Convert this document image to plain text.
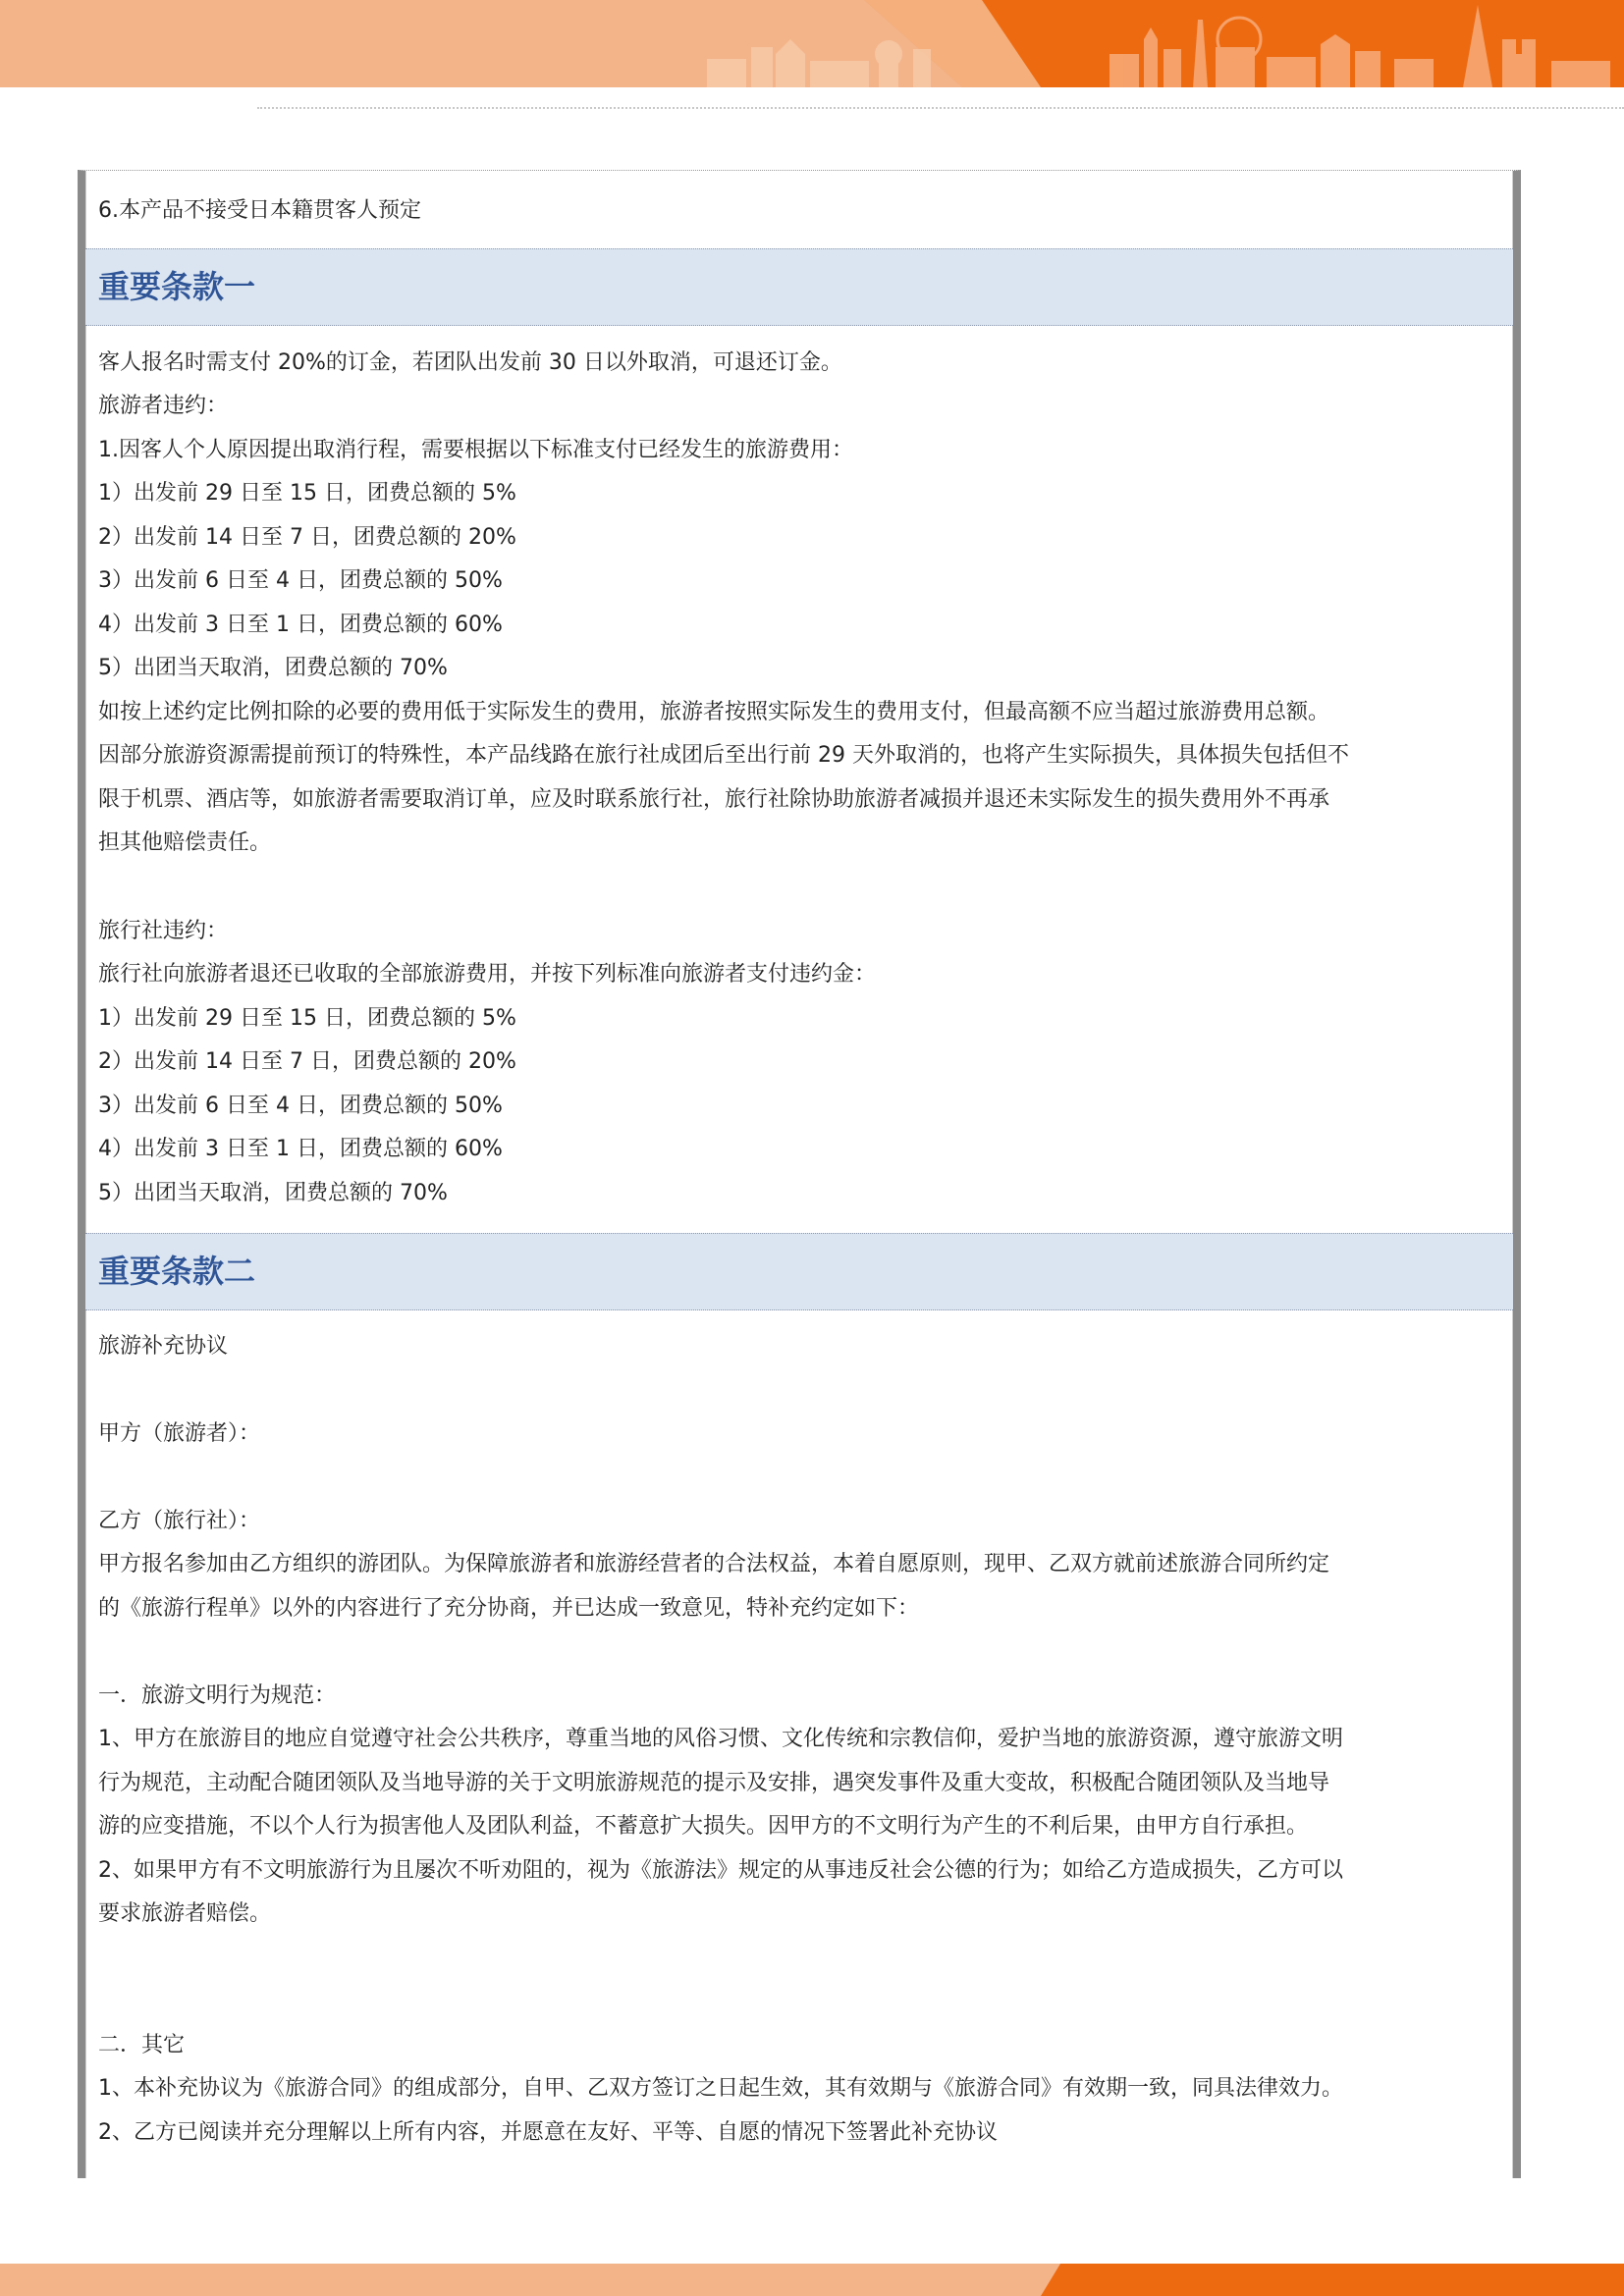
6.本产品不接受日本籍贯客人预定
重要条款一
客人报名时需支付 20%的订金，若团队出发前 30 日以外取消，可退还订金。
旅游者违约：
1.因客人个人原因提出取消行程，需要根据以下标准支付已经发生的旅游费用：
1）出发前 29 日至 15 日，团费总额的 5%
2）出发前 14 日至 7 日，团费总额的 20%
3）出发前 6 日至 4 日，团费总额的 50%
4）出发前 3 日至 1 日，团费总额的 60%
5）出团当天取消，团费总额的 70%
如按上述约定比例扣除的必要的费用低于实际发生的费用，旅游者按照实际发生的费用支付，但最高额不应当超过旅游费用总额。
因部分旅游资源需提前预订的特殊性，本产品线路在旅行社成团后至出行前 29 天外取消的，也将产生实际损失，具体损失包括但不
限于机票、酒店等，如旅游者需要取消订单，应及时联系旅行社，旅行社除协助旅游者减损并退还未实际发生的损失费用外不再承
担其他赔偿责任。
旅行社违约：
旅行社向旅游者退还已收取的全部旅游费用，并按下列标准向旅游者支付违约金：
1）出发前 29 日至 15 日，团费总额的 5%
2）出发前 14 日至 7 日，团费总额的 20%
3）出发前 6 日至 4 日，团费总额的 50%
4）出发前 3 日至 1 日，团费总额的 60%
5）出团当天取消，团费总额的 70%
重要条款二
旅游补充协议
甲方（旅游者）：
乙方（旅行社）：
甲方报名参加由乙方组织的游团队。为保障旅游者和旅游经营者的合法权益，本着自愿原则，现甲、乙双方就前述旅游合同所约定
的《旅游行程单》以外的内容进行了充分协商，并已达成一致意见，特补充约定如下：
一．旅游文明行为规范：
1、甲方在旅游目的地应自觉遵守社会公共秩序，尊重当地的风俗习惯、文化传统和宗教信仰，爱护当地的旅游资源，遵守旅游文明
行为规范，主动配合随团领队及当地导游的关于文明旅游规范的提示及安排，遇突发事件及重大变故，积极配合随团领队及当地导
游的应变措施，不以个人行为损害他人及团队利益，不蓄意扩大损失。因甲方的不文明行为产生的不利后果，由甲方自行承担。
2、如果甲方有不文明旅游行为且屡次不听劝阻的，视为《旅游法》规定的从事违反社会公德的行为；如给乙方造成损失，乙方可以
要求旅游者赔偿。
二．其它
1、本补充协议为《旅游合同》的组成部分，自甲、乙双方签订之日起生效，其有效期与《旅游合同》有效期一致，同具法律效力。
2、乙方已阅读并充分理解以上所有内容，并愿意在友好、平等、自愿的情况下签署此补充协议
